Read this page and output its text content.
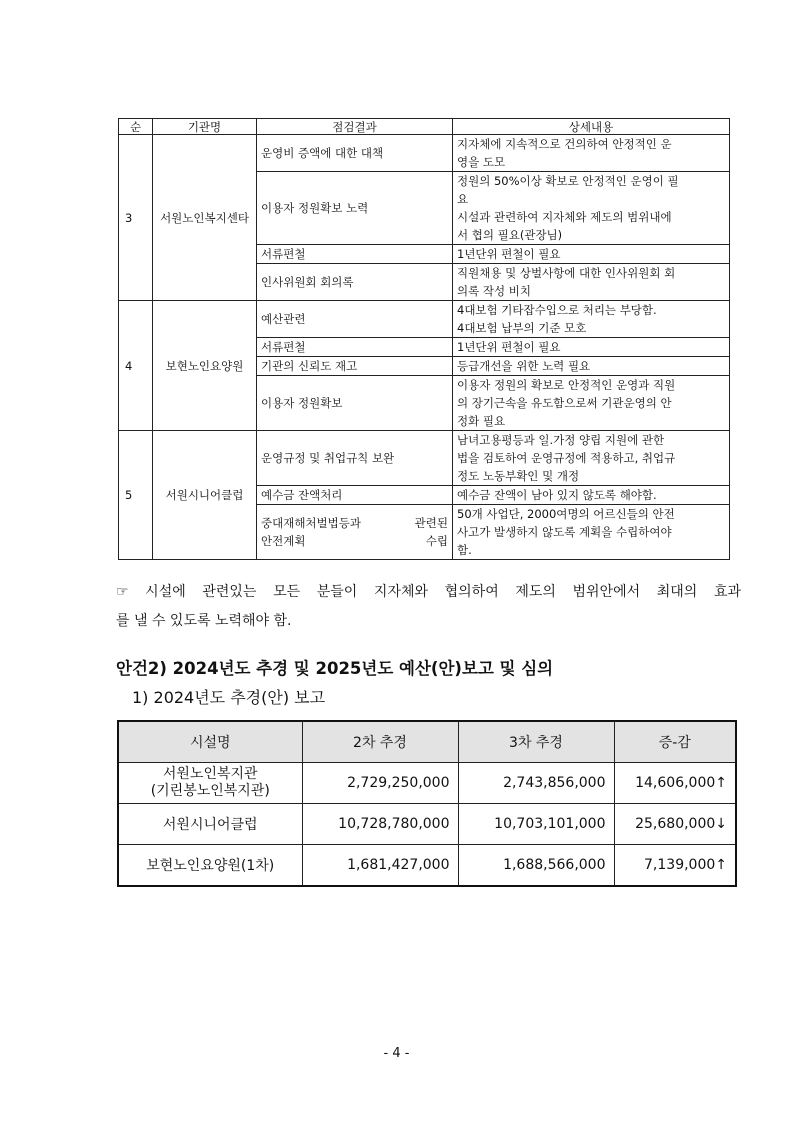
순	기관명	점검결과	상세내용
3	서원노인복지센타	운영비 증액에 대한 대책	지자체에 지속적으로 건의하여 안정적인 운
영을 도모
		이용자 정원확보 노력	정원의 50%이상 확보로 안정적인 운영이 필
요
시설과 관련하여 지자체와 제도의 범위내에
서 협의 필요(관장님)
		서류편철	1년단위 편철이 필요
		인사위원회 회의록	직원채용 및 상벌사항에 대한 인사위원회 회
의록 작성 비치
4	보현노인요양원	예산관련	4대보험 기타잡수입으로 처리는 부당함.
4대보험 납부의 기준 모호
		서류편철	1년단위 편철이 필요
		기관의 신뢰도 재고	등급개선을 위한 노력 필요
		이용자 정원확보	이용자 정원의 확보로 안정적인 운영과 직원
의 장기근속을 유도함으로써 기관운영의 안
정화 필요
5	서원시니어클럽	운영규정 및 취업규칙 보완	남녀고용평등과 일.가정 양립 지원에 관한
법을 검토하여 운영규정에 적용하고, 취업규
정도 노동부확인 및 개정
		예수금 잔액처리	예수금 잔액이 남아 있지 않도록 해야함.
		중대재해처벌법등과 관련된
안전계획 수립	50개 사업단, 2000여명의 어르신들의 안전
사고가 발생하지 않도록 계획을 수립하여야
함.
☞ 시설에 관련있는 모든 분들이 지자체와 협의하여 제도의 범위안에서 최대의 효과
를 낼 수 있도록 노력해야 함.
안건2) 2024년도 추경 및 2025년도 예산(안)보고 및 심의
1) 2024년도 추경(안) 보고
시설명	2차 추경	3차 추경	증-감
서원노인복지관
(기린봉노인복지관)	2,729,250,000	2,743,856,000	14,606,000↑
서원시니어클럽	10,728,780,000	10,703,101,000	25,680,000↓
보현노인요양원(1차)	1,681,427,000	1,688,566,000	7,139,000↑
- 4 -
